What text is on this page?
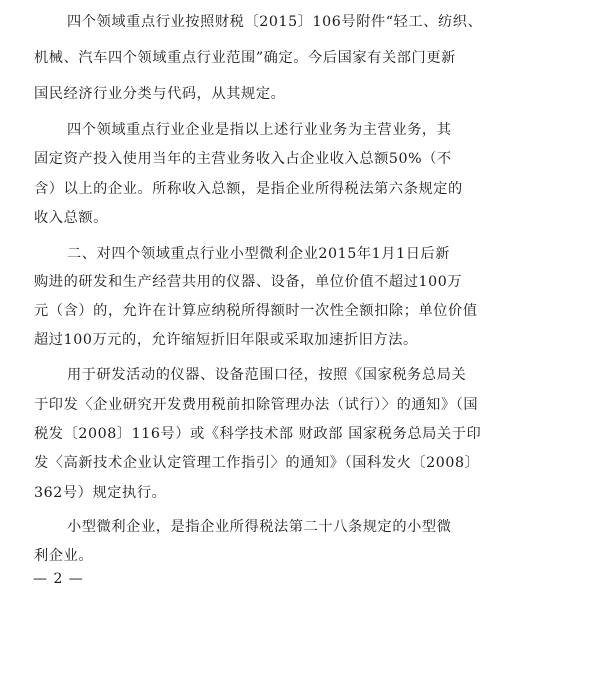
四个领域重点行业按照财税〔2015〕106号附件“轻工、纺织、
机械、汽车四个领域重点行业范围”确定。今后国家有关部门更新
国民经济行业分类与代码，从其规定。
四个领域重点行业企业是指以上述行业业务为主营业务，其
固定资产投入使用当年的主营业务收入占企业收入总额50%（不
含）以上的企业。所称收入总额，是指企业所得税法第六条规定的
收入总额。
二、对四个领域重点行业小型微利企业2015年1月1日后新
购进的研发和生产经营共用的仪器、设备，单位价值不超过100万
元（含）的，允许在计算应纳税所得额时一次性全额扣除；单位价值
超过100万元的，允许缩短折旧年限或采取加速折旧方法。
用于研发活动的仪器、设备范围口径，按照《国家税务总局关
于印发〈企业研究开发费用税前扣除管理办法（试行）〉的通知》（国
税发〔2008〕116号）或《科学技术部 财政部 国家税务总局关于印
发〈高新技术企业认定管理工作指引〉的通知》（国科发火〔2008〕
362号）规定执行。
小型微利企业，是指企业所得税法第二十八条规定的小型微
利企业。
— 2 —
